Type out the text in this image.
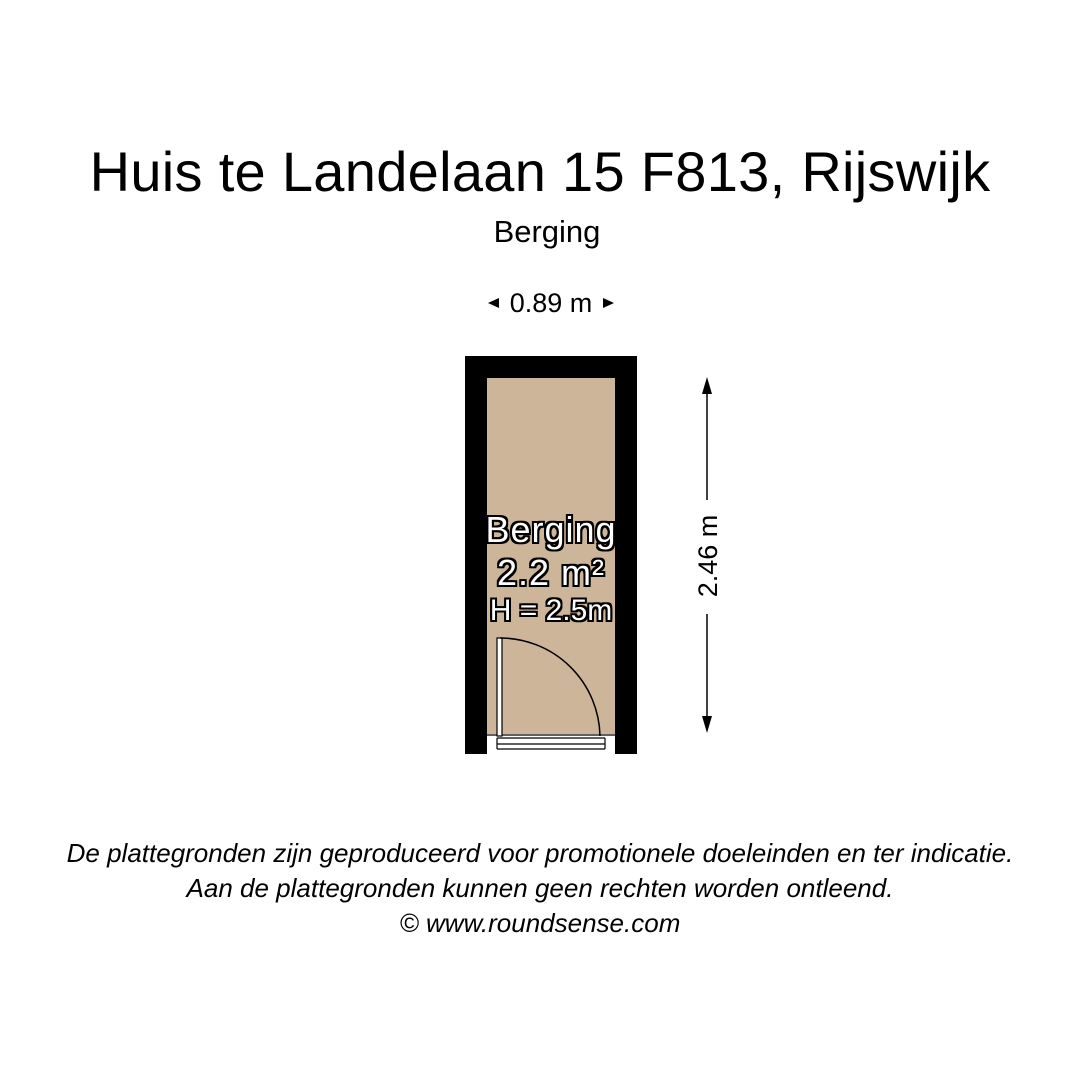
Huis te Landelaan 15 F813, Rijswijk
Berging
0.89 m
Berging
2.2 m²
H = 2.5m
2.46 m
De plattegronden zijn geproduceerd voor promotionele doeleinden en ter indicatie.
Aan de plattegronden kunnen geen rechten worden ontleend.
© www.roundsense.com
